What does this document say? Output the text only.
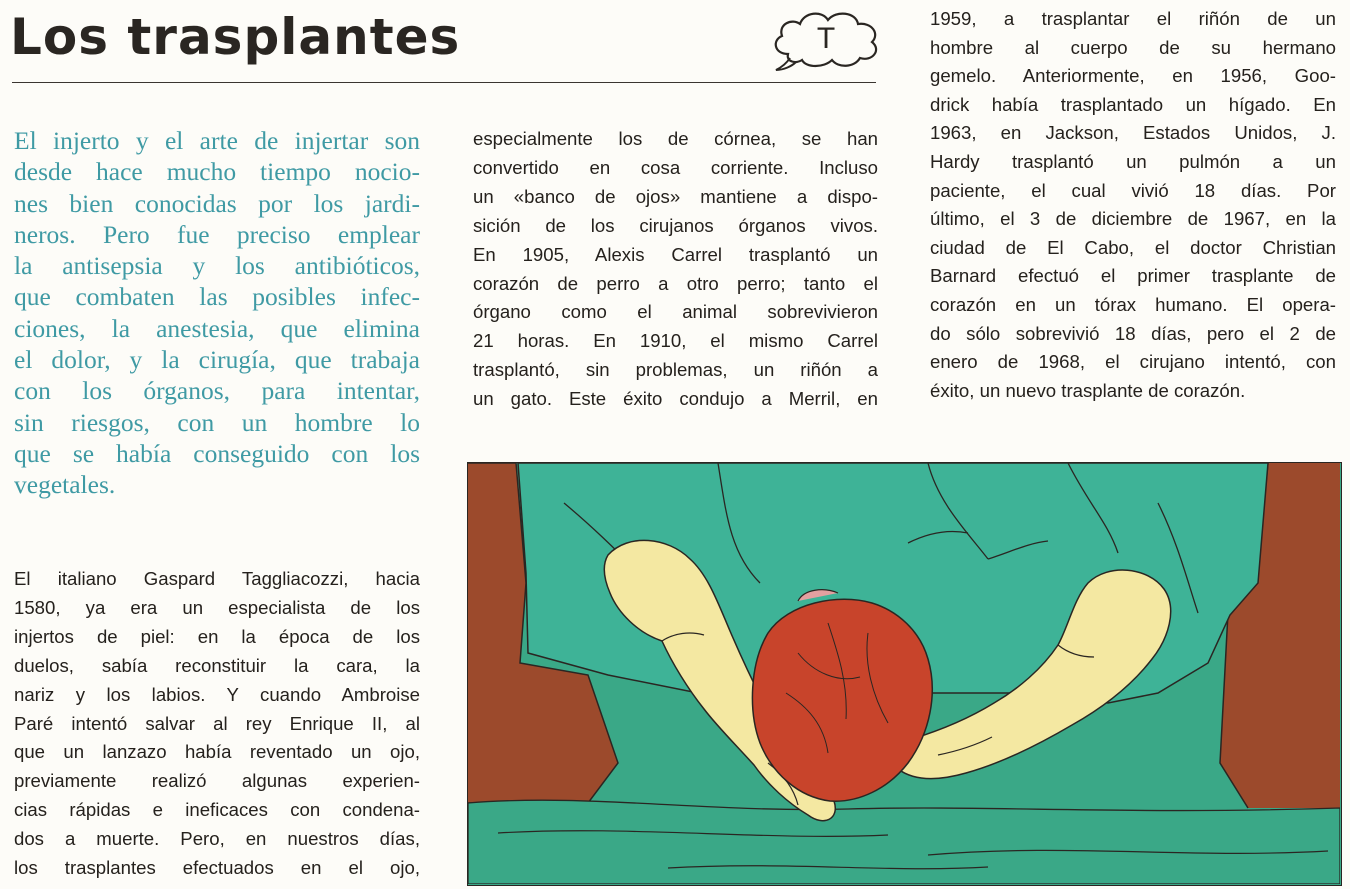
Los trasplantes	T
El injerto y el arte de injertar son
desde hace mucho tiempo nocio-
nes bien conocidas por los jardi-
neros. Pero fue preciso emplear
la antisepsia y los antibióticos,
que combaten las posibles infec-
ciones, la anestesia, que elimina
el dolor, y la cirugía, que trabaja
con los órganos, para intentar,
sin riesgos, con un hombre lo
que se había conseguido con los
vegetales.
El italiano Gaspard Taggliacozzi, hacia
1580, ya era un especialista de los
injertos de piel: en la época de los
duelos, sabía reconstituir la cara, la
nariz y los labios. Y cuando Ambroise
Paré intentó salvar al rey Enrique II, al
que un lanzazo había reventado un ojo,
previamente realizó algunas experien-
cias rápidas e ineficaces con condena-
dos a muerte. Pero, en nuestros días,
los trasplantes efectuados en el ojo,
especialmente los de córnea, se han
convertido en cosa corriente. Incluso
un «banco de ojos» mantiene a dispo-
sición de los cirujanos órganos vivos.
En 1905, Alexis Carrel trasplantó un
corazón de perro a otro perro; tanto el
órgano como el animal sobrevivieron
21 horas. En 1910, el mismo Carrel
trasplantó, sin problemas, un riñón a
un gato. Este éxito condujo a Merril, en
1959, a trasplantar el riñón de un
hombre al cuerpo de su hermano
gemelo. Anteriormente, en 1956, Goo-
drick había trasplantado un hígado. En
1963, en Jackson, Estados Unidos, J.
Hardy trasplantó un pulmón a un
paciente, el cual vivió 18 días. Por
último, el 3 de diciembre de 1967, en la
ciudad de El Cabo, el doctor Christian
Barnard efectuó el primer trasplante de
corazón en un tórax humano. El opera-
do sólo sobrevivió 18 días, pero el 2 de
enero de 1968, el cirujano intentó, con
éxito, un nuevo trasplante de corazón.
